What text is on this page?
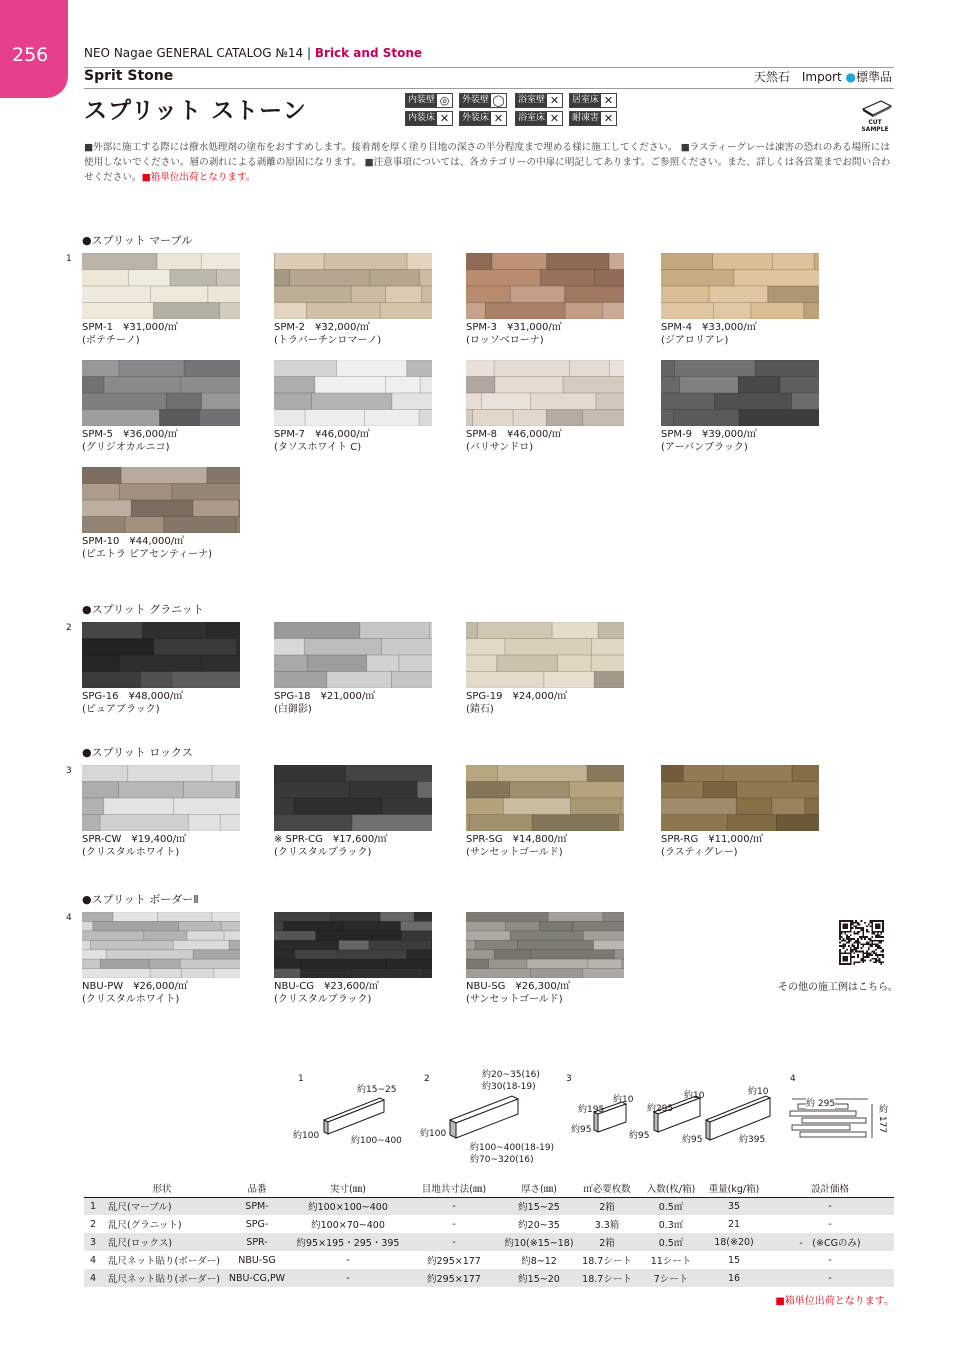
256	NEO Nagae GENERAL CATALOG №14 | Brick and Stone
Sprit Stone	天然石　Import ●標準品
スプリット ストーン	内装壁 ◎	外装壁 ◯ 浴室壁 ✕	居室床 ✕
内装床 ✕	外装床 ✕	浴室床 ✕	耐凍害 ✕	CUT SAMPLE
■外部に施工する際には撥水処理剤の塗布をおすすめします。接着剤を厚く塗り目地の深さの半分程度まで埋める様に施工してください。 ■ラスティーグレーは凍害の恐れのある場所には使用しないでください。層の剥れによる剥離の原因になります。 ■注意事項については、各カテゴリーの中扉に明記してあります。ご参照ください。また、詳しくは各営業までお問い合わせください。■箱単位出荷となります。
●スプリット マーブル
1
SPM-1　 ¥31,000/㎡
(ボテチーノ)
SPM-2　 ¥32,000/㎡
(トラバーチンロマーノ)
SPM-3　 ¥31,000/㎡
(ロッソベローナ)
SPM-4　 ¥33,000/㎡
(ジアロリアレ)
SPM-5　 ¥36,000/㎡
(グリジオカルニコ)
SPM-7　 ¥46,000/㎡
(タソスホワイト C)
SPM-8　 ¥46,000/㎡
(バリサンドロ)
SPM-9　 ¥39,000/㎡
(アーバンブラック)
SPM-10　 ¥44,000/㎡
(ピエトラ ピアセンティーナ)
●スプリット グラニット
2
SPG-16　 ¥48,000/㎡
(ピュアブラック)
SPG-18　 ¥21,000/㎡
(白御影)
SPG-19　 ¥24,000/㎡
(錆石)
●スプリット ロックス
3
SPR-CW　 ¥19,400/㎡
(クリスタルホワイト)
※ SPR-CG　 ¥17,600/㎡
(クリスタルブラック)
SPR-SG　 ¥14,800/㎡
(サンセットゴールド)
SPR-RG　 ¥11,000/㎡
(ラスティグレー)
●スプリット ボーダーⅡ
4
NBU-PW　 ¥26,000/㎡
(クリスタルホワイト)
NBU-CG　 ¥23,600/㎡
(クリスタルブラック)
NBU-SG　 ¥26,300/㎡
(サンセットゴールド)
その他の施工例はこちら。
1
約15~25
約100	約100~400
2	約20~35(16)
約30(18-19)
約100
約100~400(18-19)
約70~320(16)
3
約10
約195
約95
約10
約295
約95
約10
約95	約395
4
約 295	約 177
	形状	品番	実寸(㎜)	目地共寸法(㎜)	厚さ(㎜)	㎡必要枚数	入数(枚/箱)	重量(kg/箱)	設計価格
1	乱尺(マーブル)	SPM-	約100×100~400	-	約15~25	2箱	0.5㎡	35	-
2	乱尺(グラニット)	SPG-	約100×70~400	-	約20~35	3.3箱	0.3㎡	21	-
3	乱尺(ロックス)	SPR-	約95×195・295・395	-	約10(※15~18)	2箱	0.5㎡	18(※20)	-　(※CGのみ)
4	乱尺ネット貼り(ボーダー)	NBU-SG	-	約295×177	約8~12	18.7シート	11シート	15	-
4	乱尺ネット貼り(ボーダー)	NBU-CG,PW	-	約295×177	約15~20	18.7シート	7シート	16	-
■箱単位出荷となります。
